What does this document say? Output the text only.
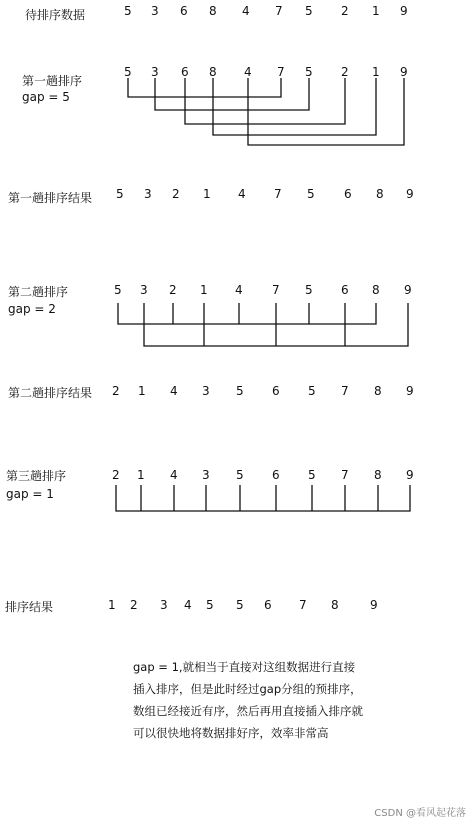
待排序数据
第一趟排序
gap = 5
第一趟排序结果
第二趟排序
gap = 2
第二趟排序结果
第三趟排序
gap = 1
排序结果
5 3 6 8 4 7 5 2 1 9
5 3 6 8 4 7 5 2 1 9
5 3 2 1 4 7 5 6 8 9
5 3 2 1 4 7 5 6 8 9
2 1 4 3 5 6 5 7 8 9
2 1 4 3 5 6 5 7 8 9
1 2 3 4 5 5 6 7 8	9
gap = 1,就相当于直接对这组数据进行直接
插入排序，但是此时经过gap分组的预排序，
数组已经接近有序，然后再用直接插入排序就
可以很快地将数据排好序，效率非常高
CSDN @看风起花落
